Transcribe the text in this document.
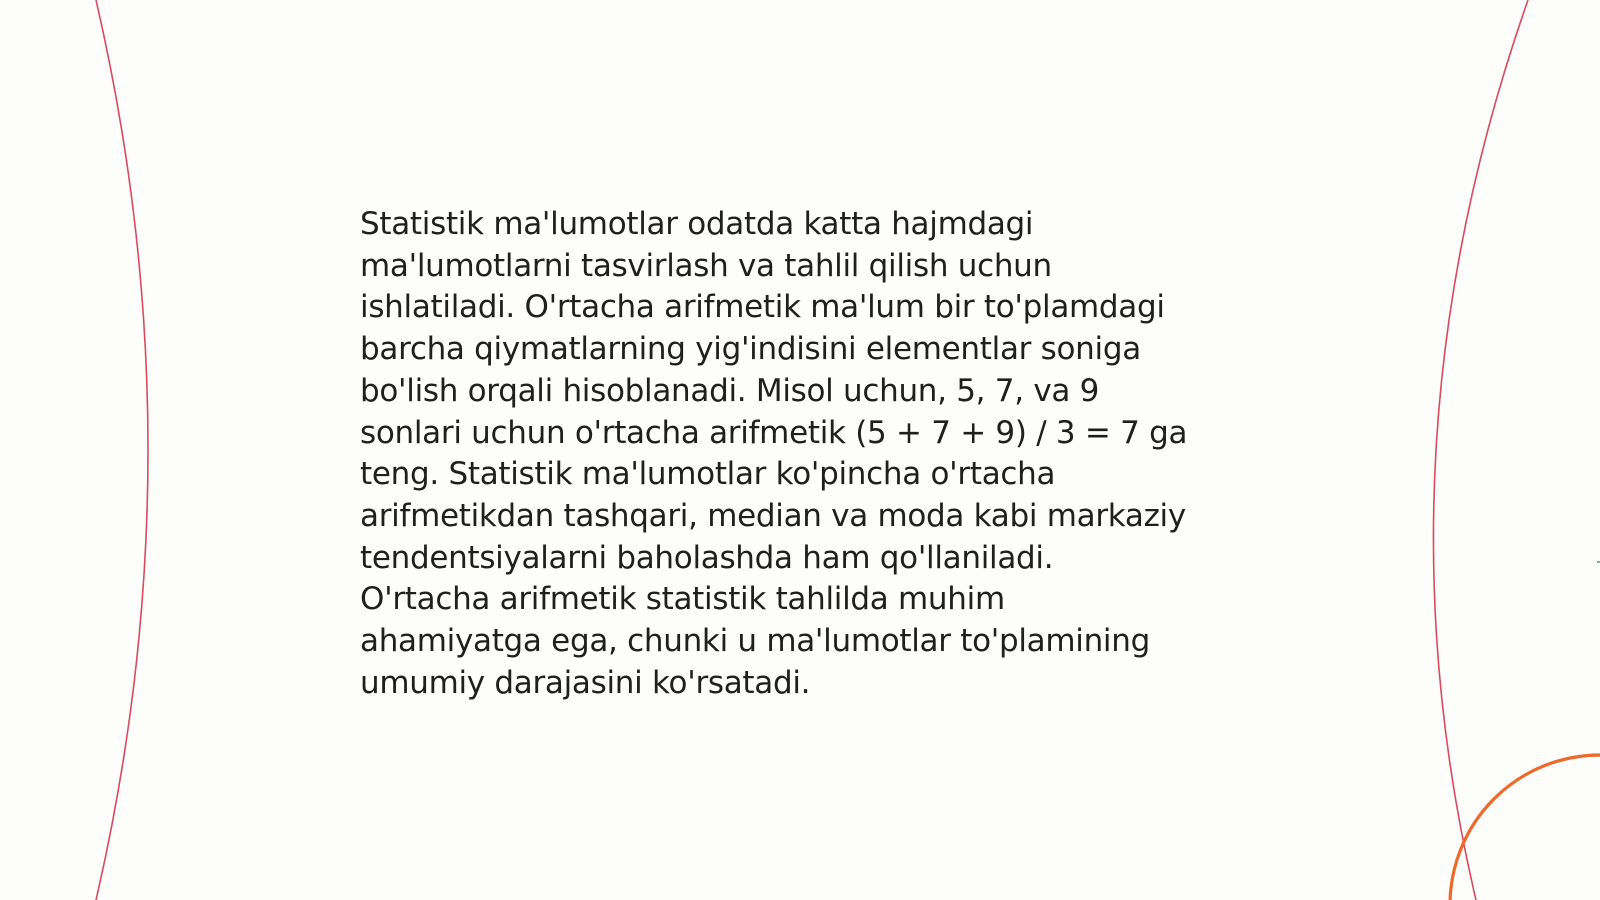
Statistik ma'lumotlar odatda katta hajmdagi
ma'lumotlarni tasvirlash va tahlil qilish uchun
ishlatiladi. O'rtacha arifmetik ma'lum bir to'plamdagi
barcha qiymatlarning yig'indisini elementlar soniga
bo'lish orqali hisoblanadi. Misol uchun, 5, 7, va 9
sonlari uchun o'rtacha arifmetik (5 + 7 + 9) / 3 = 7 ga
teng. Statistik ma'lumotlar ko'pincha o'rtacha
arifmetikdan tashqari, median va moda kabi markaziy
tendentsiyalarni baholashda ham qo'llaniladi.
O'rtacha arifmetik statistik tahlilda muhim
ahamiyatga ega, chunki u ma'lumotlar to'plamining
umumiy darajasini ko'rsatadi.
